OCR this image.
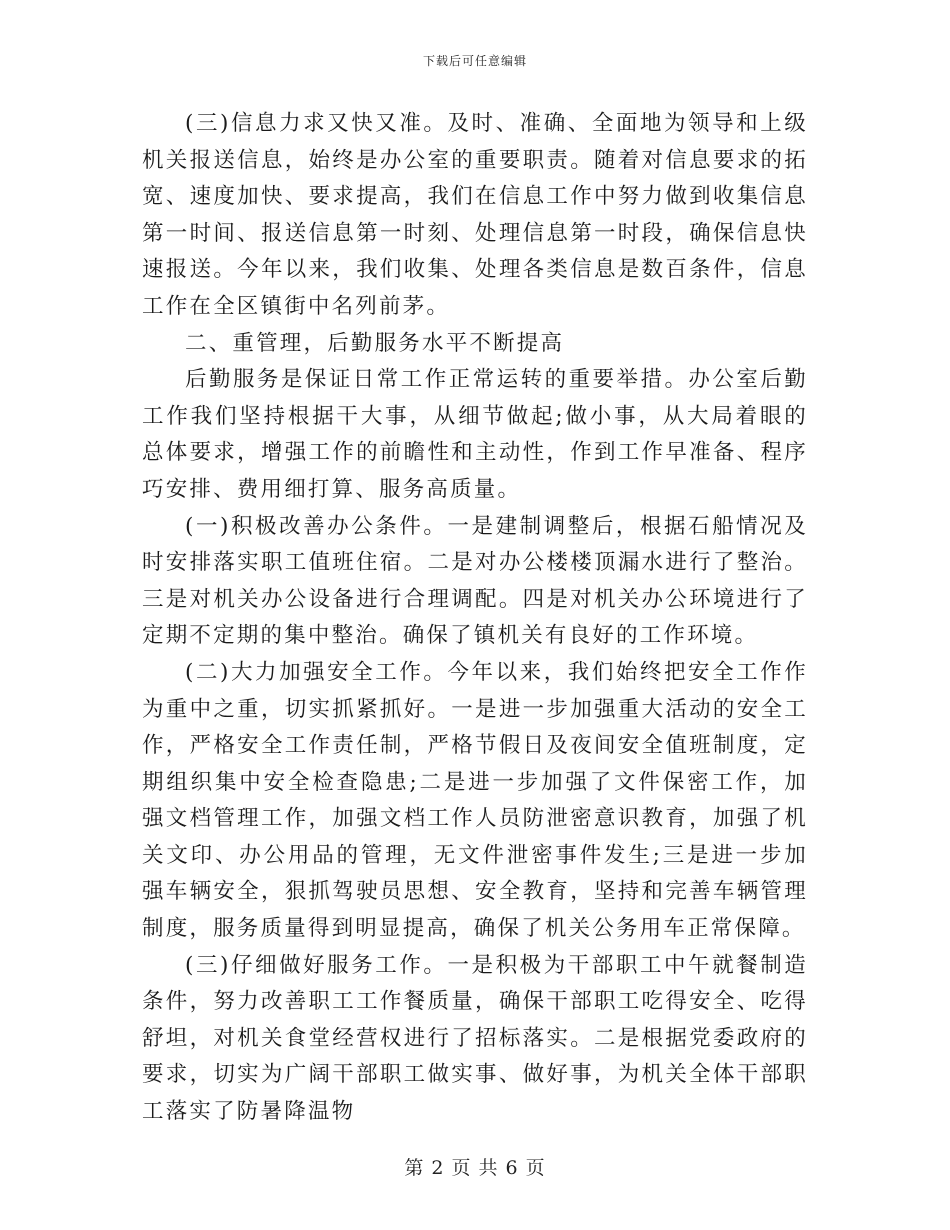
下载后可任意编辑

(三)信息力求又快又准。及时、准确、全面地为领导和上级机关报送信息，始终是办公室的重要职责。随着对信息要求的拓宽、速度加快、要求提高，我们在信息工作中努力做到收集信息第一时间、报送信息第一时刻、处理信息第一时段，确保信息快速报送。今年以来，我们收集、处理各类信息是数百条件，信息工作在全区镇街中名列前茅。

二、重管理，后勤服务水平不断提高

后勤服务是保证日常工作正常运转的重要举措。办公室后勤工作我们坚持根据干大事，从细节做起;做小事，从大局着眼的总体要求，增强工作的前瞻性和主动性，作到工作早准备、程序巧安排、费用细打算、服务高质量。

(一)积极改善办公条件。一是建制调整后，根据石船情况及时安排落实职工值班住宿。二是对办公楼楼顶漏水进行了整治。三是对机关办公设备进行合理调配。四是对机关办公环境进行了定期不定期的集中整治。确保了镇机关有良好的工作环境。

(二)大力加强安全工作。今年以来，我们始终把安全工作作为重中之重，切实抓紧抓好。一是进一步加强重大活动的安全工作，严格安全工作责任制，严格节假日及夜间安全值班制度，定期组织集中安全检查隐患;二是进一步加强了文件保密工作，加强文档管理工作，加强文档工作人员防泄密意识教育，加强了机关文印、办公用品的管理，无文件泄密事件发生;三是进一步加强车辆安全，狠抓驾驶员思想、安全教育，坚持和完善车辆管理制度，服务质量得到明显提高，确保了机关公务用车正常保障。

(三)仔细做好服务工作。一是积极为干部职工中午就餐制造条件，努力改善职工工作餐质量，确保干部职工吃得安全、吃得舒坦，对机关食堂经营权进行了招标落实。二是根据党委政府的要求，切实为广阔干部职工做实事、做好事，为机关全体干部职工落实了防暑降温物

第 2 页 共 6 页
